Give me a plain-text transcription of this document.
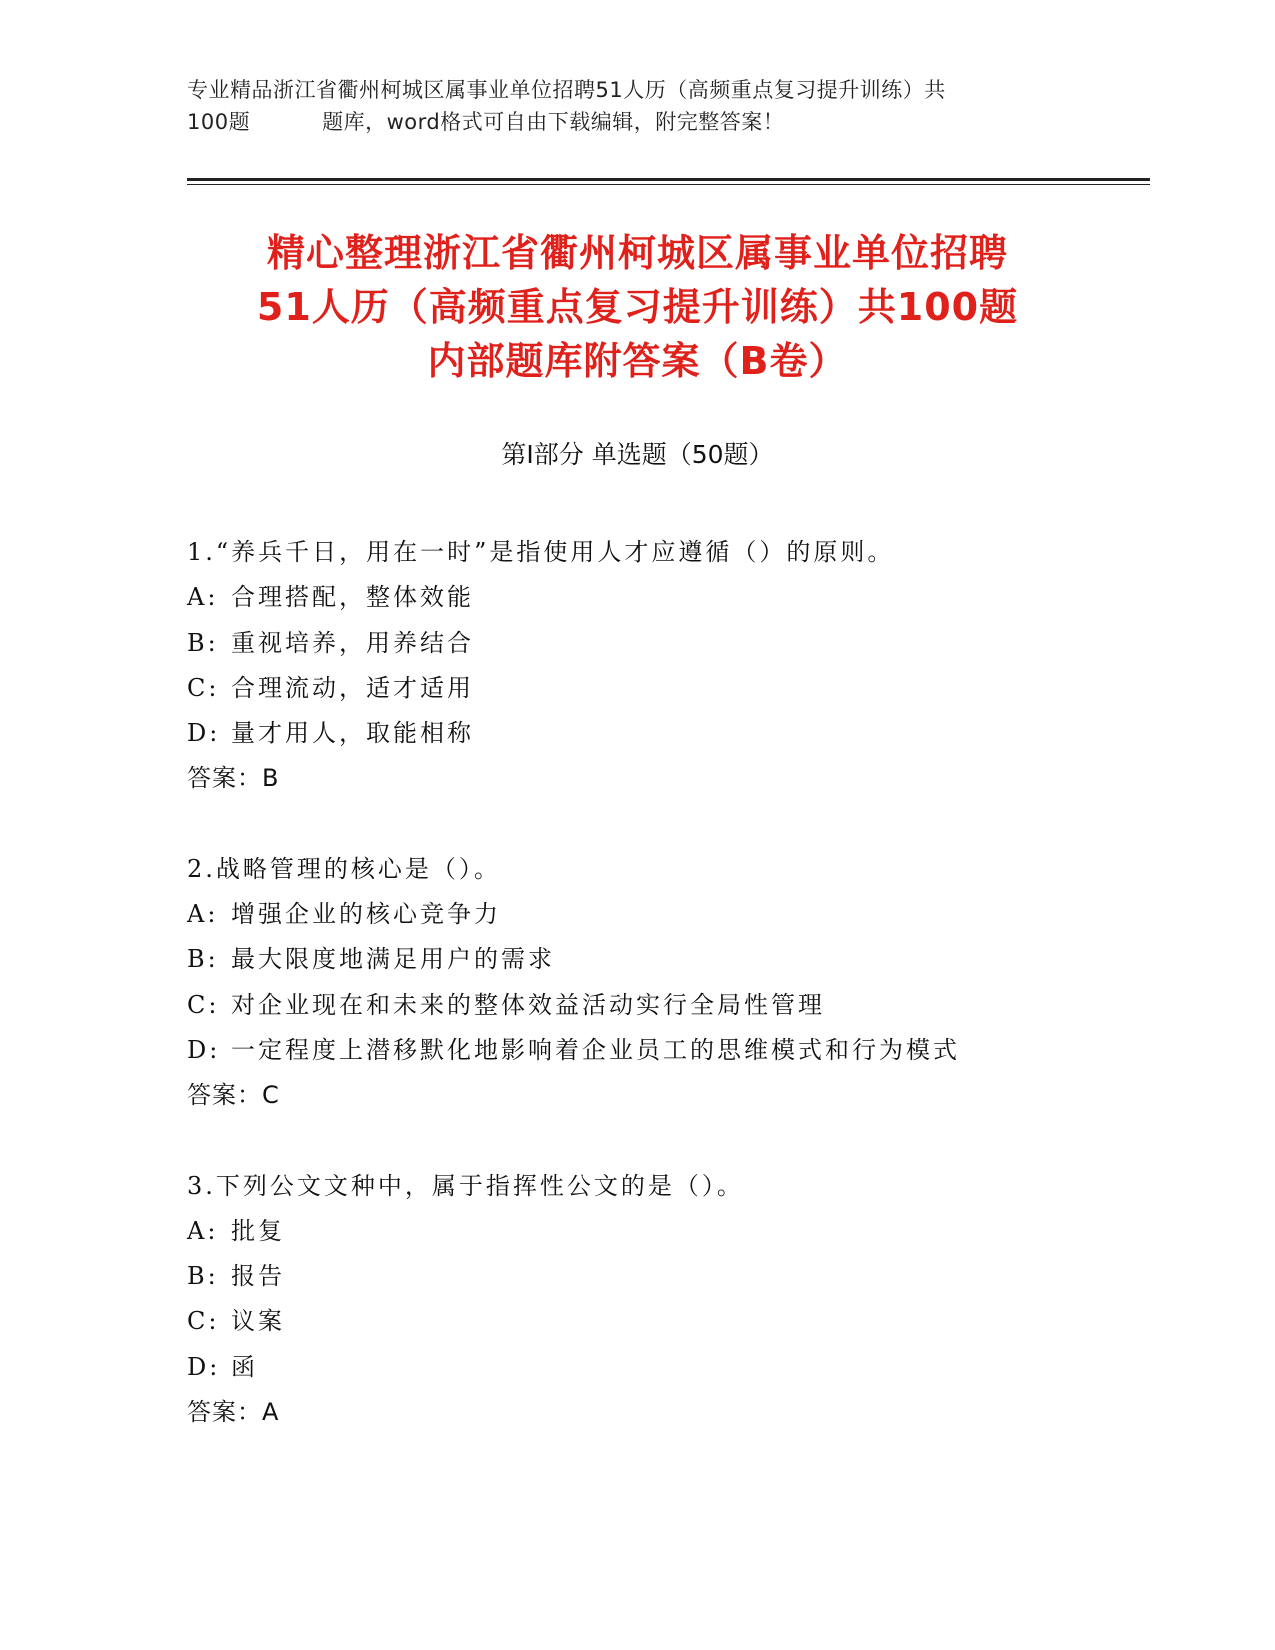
专业精品浙江省衢州柯城区属事业单位招聘51人历（高频重点复习提升训练）共
100题	题库，word格式可自由下载编辑，附完整答案！
精心整理浙江省衢州柯城区属事业单位招聘
51人历（高频重点复习提升训练）共100题
内部题库附答案（B卷）
第Ⅰ部分 单选题（50题）
1.“养兵千日，用在一时”是指使用人才应遵循（）的原则。
A: 合理搭配，整体效能
B: 重视培养，用养结合
C: 合理流动，适才适用
D: 量才用人，取能相称
答案：B
2.战略管理的核心是（）。
A: 增强企业的核心竞争力
B: 最大限度地满足用户的需求
C: 对企业现在和未来的整体效益活动实行全局性管理
D: 一定程度上潜移默化地影响着企业员工的思维模式和行为模式
答案：C
3.下列公文文种中，属于指挥性公文的是（）。
A: 批复
B: 报告
C: 议案
D: 函
答案：A
